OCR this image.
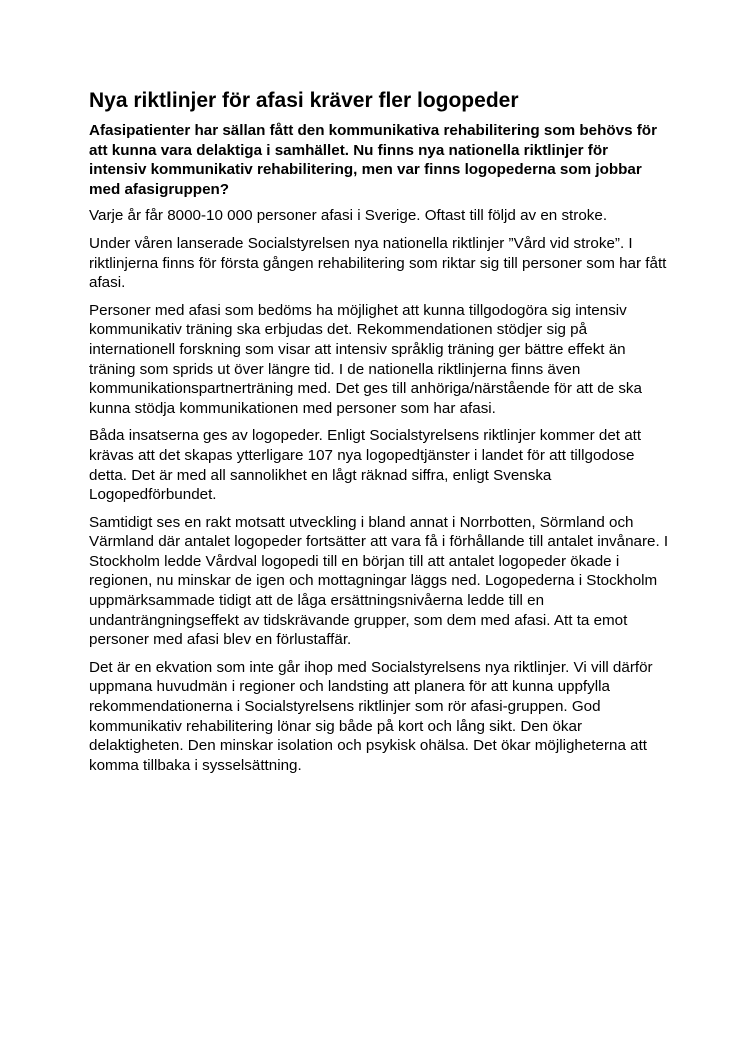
Nya riktlinjer för afasi kräver fler logopeder

Afasipatienter har sällan fått den kommunikativa rehabilitering som behövs för att kunna vara delaktiga i samhället. Nu finns nya nationella riktlinjer för intensiv kommunikativ rehabilitering, men var finns logopederna som jobbar med afasigruppen?

Varje år får 8000-10 000 personer afasi i Sverige. Oftast till följd av en stroke.

Under våren lanserade Socialstyrelsen nya nationella riktlinjer ”Vård vid stroke”. I riktlinjerna finns för första gången rehabilitering som riktar sig till personer som har fått afasi.

Personer med afasi som bedöms ha möjlighet att kunna tillgodogöra sig intensiv kommunikativ träning ska erbjudas det. Rekommendationen stödjer sig på internationell forskning som visar att intensiv språklig träning ger bättre effekt än träning som sprids ut över längre tid. I de nationella riktlinjerna finns även kommunikationspartnerträning med. Det ges till anhöriga/närstående för att de ska kunna stödja kommunikationen med personer som har afasi.

Båda insatserna ges av logopeder. Enligt Socialstyrelsens riktlinjer kommer det att krävas att det skapas ytterligare 107 nya logopedtjänster i landet för att tillgodose detta. Det är med all sannolikhet en lågt räknad siffra, enligt Svenska Logopedförbundet.

Samtidigt ses en rakt motsatt utveckling i bland annat i Norrbotten, Sörmland och Värmland där antalet logopeder fortsätter att vara få i förhållande till antalet invånare. I Stockholm ledde Vårdval logopedi till en början till att antalet logopeder ökade i regionen, nu minskar de igen och mottagningar läggs ned. Logopederna i Stockholm uppmärksammade tidigt att de låga ersättningsnivåerna ledde till en undanträngningseffekt av tidskrävande grupper, som dem med afasi. Att ta emot personer med afasi blev en förlustaffär.

Det är en ekvation som inte går ihop med Socialstyrelsens nya riktlinjer. Vi vill därför uppmana huvudmän i regioner och landsting att planera för att kunna uppfylla rekommendationerna i Socialstyrelsens riktlinjer som rör afasi-gruppen. God kommunikativ rehabilitering lönar sig både på kort och lång sikt. Den ökar delaktigheten. Den minskar isolation och psykisk ohälsa. Det ökar möjligheterna att komma tillbaka i sysselsättning.
